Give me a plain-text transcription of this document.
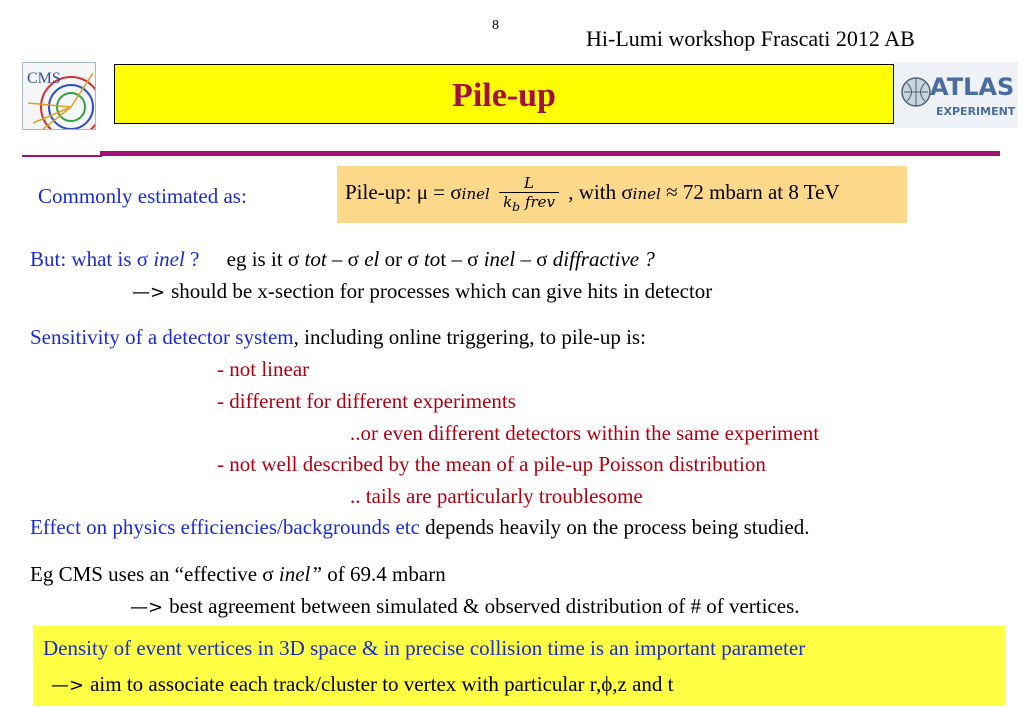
8
Hi-Lumi workshop Frascati 2012 AB
CMS	Pile-up	ATLAS
EXPERIMENT
Commonly estimated as:	Pile-up: μ = σinel $\frac{L}{k_b frev}$ , with σinel ≈ 72 mbarn at 8 TeV
But: what is σ inel ? eg is it σ tot – σ el or σ tot – σ inel – σ diffractive ?
—> should be x-section for processes which can give hits in detector
Sensitivity of a detector system, including online triggering, to pile-up is:
- not linear
- different for different experiments
..or even different detectors within the same experiment
- not well described by the mean of a pile-up Poisson distribution
.. tails are particularly troublesome
Effect on physics efficiencies/backgrounds etc depends heavily on the process being studied.
Eg CMS uses an “effective σ inel” of 69.4 mbarn
—> best agreement between simulated & observed distribution of # of vertices.
Density of event vertices in 3D space & in precise collision time is an important parameter
—> aim to associate each track/cluster to vertex with particular r,ϕ,z and t
